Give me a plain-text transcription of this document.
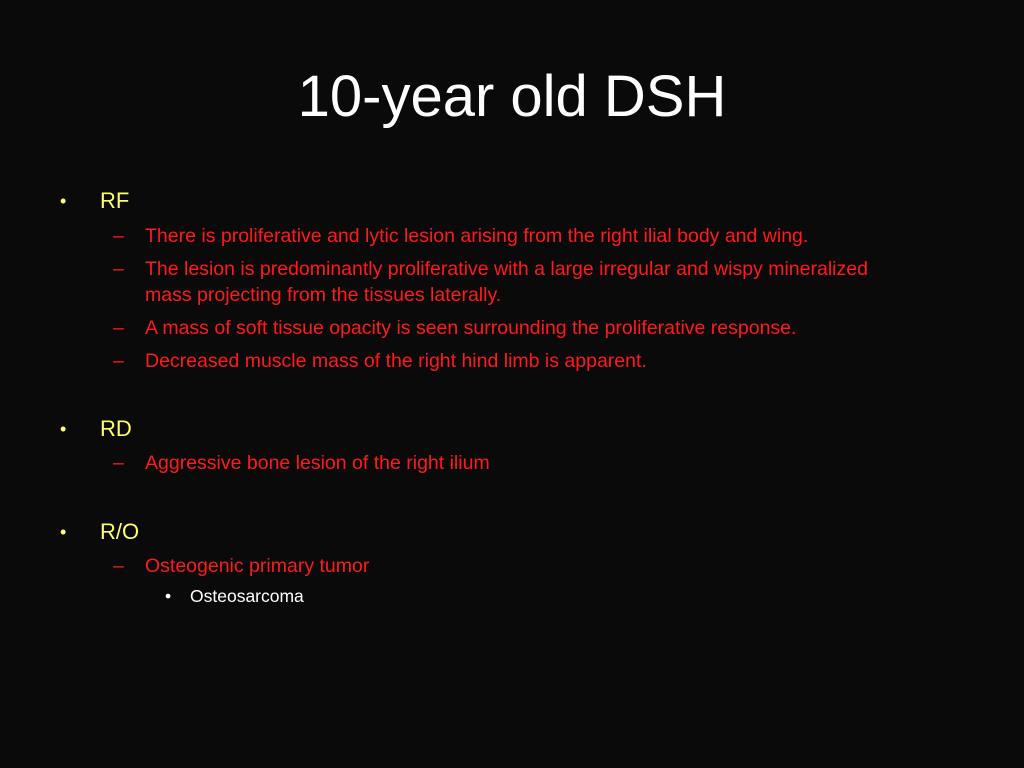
10-year old DSH
• RF
– There is proliferative and lytic lesion arising from the right ilial body and wing.
– The lesion is predominantly proliferative with a large irregular and wispy mineralized mass projecting from the tissues laterally.
– A mass of soft tissue opacity is seen surrounding the proliferative response.
– Decreased muscle mass of the right hind limb is apparent.
• RD
– Aggressive bone lesion of the right ilium
• R/O
– Osteogenic primary tumor
• Osteosarcoma
